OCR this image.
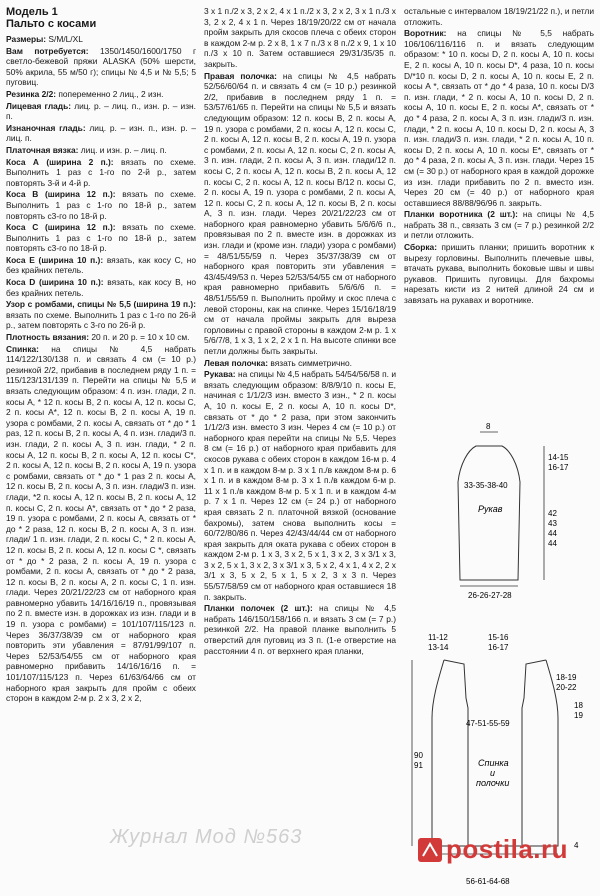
Модель 1
Пальто с косами

Размеры: S/M/L/XL

Вам потребуется: 1350/1450/1600/1750 г светло-бежевой пряжи ALASKA (50% шерсти, 50% акрила, 55 м/50 г); спицы № 4,5 и № 5,5; 5 пуговиц.

Резинка 2/2: попеременно 2 лиц., 2 изн.

Лицевая гладь: лиц. р. – лиц. п., изн. р. – изн. п.

Изнаночная гладь: лиц. р. – изн. п., изн. р. – лиц. п.

Платочная вязка: лиц. и изн. р. – лиц. п.

Коса А (ширина 2 п.): вязать по схеме. Выполнить 1 раз с 1-го по 2-й р., затем повторять 3-й и 4-й р.

Коса В (ширина 12 п.): вязать по схеме. Выполнить 1 раз с 1-го по 18-й р., затем повторять с3-го по 18-й р.

Коса С (ширина 12 п.): вязать по схеме. Выполнить 1 раз с 1-го по 18-й р., затем повторять с3-го по 18-й р.

Коса Е (ширина 10 п.): вязать, как косу С, но без крайних петель.

Коса D (ширина 10 п.): вязать, как косу В, но без крайних петель.

Узор с ромбами, спицы № 5,5 (ширина 19 п.): вязать по схеме. Выполнить 1 раз с 1-го по 26-й р., затем повторять с 3-го по 26-й р.

Плотность вязания: 20 п. и 20 р. = 10 х 10 см.

Спинка: на спицы № 4,5 набрать 114/122/130/138 п. и связать 4 см (= 10 р.) резинкой 2/2, прибавив в последнем ряду 1 п. = 115/123/131/139 п. Перейти на спицы № 5,5 и вязать следующим образом: 4 п. изн. глади, 2 п. косы А, * 12 п. косы В, 2 п. косы А, 12 п. косы С, 2 п. косы А*, 12 п. косы В, 2 п. косы А, 19 п. узора с ромбами, 2 п. косы А, связать от * до * 1 раз, 12 п. косы В, 2 п. косы А, 4 п. изн. глади/3 п. изн. глади, 2 п. косы А, 3 п. изн. глади, * 2 п. косы А, 12 п. косы В, 2 п. косы А, 12 п. косы С*, 2 п. косы А, 12 п. косы В, 2 п. косы А, 19 п. узора с ромбами, связать от * до * 1 раз 2 п. косы А, 12 п. косы В, 2 п. косы А, 3 п. изн. глади/3 п. изн. глади, *2 п. косы А, 12 п. косы В, 2 п. косы А, 12 п. косы С, 2 п. косы А*, связать от * до * 2 раза, 19 п. узора с ромбами, 2 п. косы А, связать от * до * 2 раза, 12 п. косы В, 2 п. косы А, 3 п. изн. глади/ 1 п. изн. глади, 2 п. косы С, * 2 п. косы А, 12 п. косы В, 2 п. косы А, 12 п. косы С *, связать от * до * 2 раза, 2 п. косы А, 19 п. узора с ромбами, 2 п. косы А, связать от * до * 2 раза, 12 п. косы В, 2 п. косы А, 2 п. косы С, 1 п. изн. глади. Через 20/21/22/23 см от наборного края равномерно убавить 14/16/16/19 п., провязывая по 2 п. вместе изн. в дорожках из изн. глади и в 19 п. узора с ромбами) = 101/107/115/123 п. Через 36/37/38/39 см от наборного края повторить эти убавления = 87/91/99/107 п. Через 52/53/54/55 см от наборного края равномерно прибавить 14/16/16/16 п. = 101/107/115/123 п. Через 61/63/64/66 см от наборного края закрыть для пройм с обеих сторон в каждом 2-м р. 2 х 3, 2 х 2,

3 х 1 п./2 х 3, 2 х 2, 4 х 1 п./2 х 3, 2 х 2, 3 х 1 п./3 х 3, 2 х 2, 4 х 1 п. Через 18/19/20/22 см от начала пройм закрыть для скосов плеча с обеих сторон в каждом 2-м р. 2 х 8, 1 х 7 п./3 х 8 п./2 х 9, 1 х 10 п./3 х 10 п. Затем оставшиеся 29/31/35/35 п. закрыть.

Правая полочка: на спицы № 4,5 набрать 52/56/60/64 п. и связать 4 см (= 10 р.) резинкой 2/2, прибавив в последнем ряду 1 п. = 53/57/61/65 п. Перейти на спицы № 5,5 и вязать следующим образом: 12 п. косы В, 2 п. косы А, 19 п. узора с ромбами, 2 п. косы А, 12 п. косы С, 2 п. косы А, 12 п. косы В, 2 п. косы А, 19 п. узора с ромбами, 2 п. косы А, 12 п. косы С, 2 п. косы А, 3 п. изн. глади, 2 п. косы А, 3 п. изн. глади/12 п. косы С, 2 п. косы А, 12 п. косы В, 2 п. косы А, 12 п. косы С, 2 п. косы А, 12 п. косы В/12 п. косы С, 2 п. косы А, 19 п. узора с ромбами, 2 п. косы А, 12 п. косы С, 2 п. косы А, 12 п. косы В, 2 п. косы А, 3 п. изн. глади. Через 20/21/22/23 см от наборного края равномерно убавить 5/6/6/6 п., провязывая по 2 п. вместе изн. в дорожках из изн. глади и (кроме изн. глади) узора с ромбами) = 48/51/55/59 п. Через 35/37/38/39 см от наборного края повторить эти убавления = 43/45/49/53 п. Через 52/53/54/55 см от наборного края равномерно прибавить 5/6/6/6 п. = 48/51/55/59 п. Выполнить пройму и скос плеча с левой стороны, как на спинке. Через 15/16/18/19 см от начала проймы закрыть для выреза горловины с правой стороны в каждом 2-м р. 1 х 5/6/7/8, 1 х 3, 1 х 2, 2 х 1 п. На высоте спинки все петли должны быть закрыты.

Левая полочка: вязать симметрично.

Рукава: на спицы № 4,5 набрать 54/54/56/58 п. и вязать следующим образом: 8/8/9/10 п. косы Е, начиная с 1/1/2/3 изн. вместо 3 изн., * 2 п. косы А, 10 п. косы Е, 2 п. косы А, 10 п. косы D*, связать от * до * 2 раза, при этом закончить 1/1/2/3 изн. вместо 3 изн. Через 4 см (= 10 р.) от наборного края перейти на спицы № 5,5. Через 8 см (= 16 р.) от наборного края прибавить для скосов рукава с обеих сторон в каждом 16-м р. 4 х 1 п. и в каждом 8-м р. 3 х 1 п./в каждом 8-м р. 6 х 1 п. и в каждом 8-м р. 3 х 1 п./в каждом 6-м р. 11 х 1 п./в каждом 8-м р. 5 х 1 п. и в каждом 4-м р. 7 х 1 п. Через 12 см (= 24 р.) от наборного края связать 2 п. платочной вязкой (основание бахромы), затем снова выполнить косы = 60/72/80/86 п. Через 42/43/44/44 см от наборного края закрыть для оката рукава с обеих сторон в каждом 2-м р. 1 х 3, 3 х 2, 5 х 1, 3 х 2, 3 х 3/1 х 3, 3 х 2, 5 х 1, 3 х 2, 3 х 3/1 х 3, 5 х 2, 4 х 1, 4 х 2, 2 х 3/1 х 3, 5 х 2, 5 х 1, 5 х 2, 3 х 3 п. Через 55/57/58/59 см от наборного края оставшиеся 18 п. закрыть.

Планки полочек (2 шт.): на спицы № 4,5 набрать 146/150/158/166 п. и вязать 3 см (= 7 р.) резинкой 2/2. На правой планке выполнить 5 отверстий для пуговиц из 3 п. (1-е отверстие на расстоянии 4 п. от верхнего края планки,

остальные с интервалом 18/19/21/22 п.), и петли отложить.

Воротник: на спицы № 5,5 набрать 106/106/116/116 п. и вязать следующим образом: * 10 п. косы D, 2 п. косы А, 10 п. косы Е, 2 п. косы А, 10 п. косы D*, 4 раза, 10 п. косы D/*10 п. косы D, 2 п. косы А, 10 п. косы Е, 2 п. косы А *, связать от * до * 4 раза, 10 п. косы D/3 п. изн. глади, * 2 п. косы А, 10 п. косы D, 2 п. косы А, 10 п. косы Е, 2 п. косы А*, связать от * до * 4 раза, 2 п. косы А, 3 п. изн. глади/3 п. изн. глади, * 2 п. косы А, 10 п. косы D, 2 п. косы А, 3 п. изн. глади/3 п. изн. глади, * 2 п. косы А, 10 п. косы D, 2 п. косы А, 10 п. косы Е*, связать от * до * 4 раза, 2 п. косы А, 3 п. изн. глади. Через 15 см (= 30 р.) от наборного края в каждой дорожке из изн. глади прибавить по 2 п. вместо изн. Через 20 см (= 40 р.) от наборного края оставшиеся 88/88/96/96 п. закрыть.

Планки воротника (2 шт.): на спицы № 4,5 набрать 38 п., связать 3 см (= 7 р.) резинкой 2/2 и петли отложить.

Сборка: пришить планки; пришить воротник к вырезу горловины. Выполнить плечевые швы, втачать рукава, выполнить боковые швы и швы рукавов. Пришить пуговицы. Для бахромы нарезать кисти из 2 нитей длиной 24 см и завязать на рукавах и воротнике.

8
33-35-38-40
Рукав
14-15
16-17
42
43
44
44
26-26-27-28
11-12
13-14
15-16
16-17
18-19
20-22
18
19
47-51-55-59
90
91	Спинка
и
полочки
4
56-61-64-68
Журнал Мод №563	postila.ru
